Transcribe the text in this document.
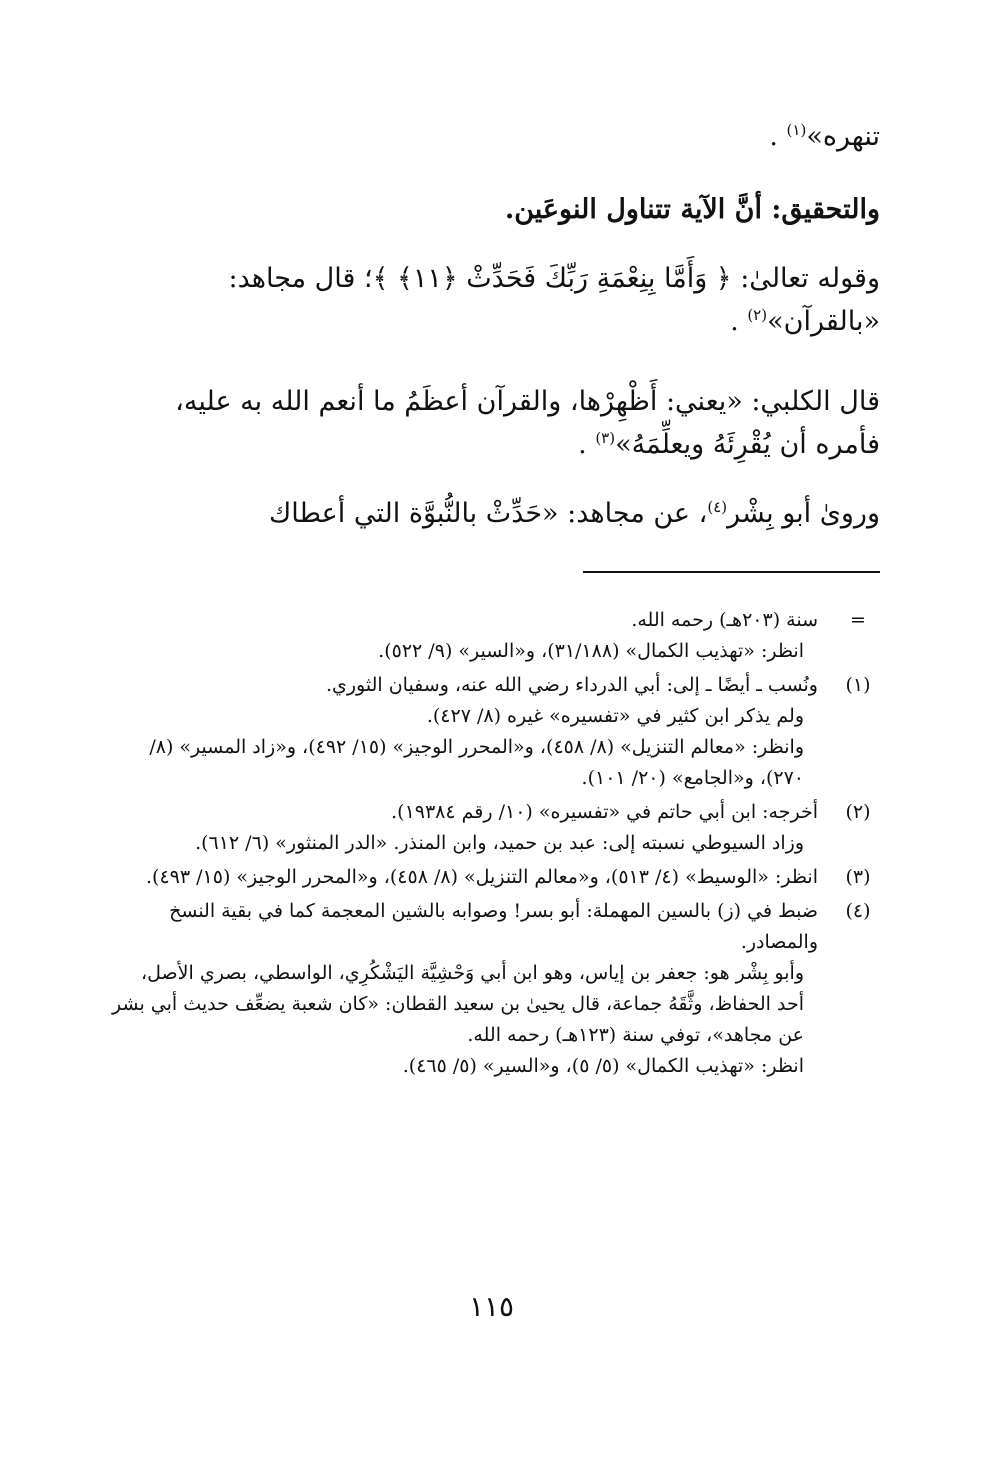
تنهره»$^{(١)}$ .

والتحقيق: أنَّ الآية تتناول النوعَين.

وقوله تعالىٰ: ﴿ وَأَمَّا بِنِعْمَةِ رَبِّكَ فَحَدِّثْ ﴿١١﴾ ﴾؛ قال مجاهد: «بالقرآن»$^{(٢)}$ .

قال الكلبي: «يعني: أَظْهِرْها، والقرآن أعظَمُ ما أنعم الله به عليه، فأمره أن يُقْرِئَهُ ويعلِّمَهُ»$^{(٣)}$ .

وروىٰ أبو بِشْر$^{(٤)}$، عن مجاهد: «حَدِّثْ بالنُّبوَّة التي أعطاك

=

سنة (٢٠٣هـ) رحمه الله.

انظر: «تهذيب الكمال» (٣١/١٨٨)، و«السير» (٩/ ٥٢٢).

(١)

ونُسب ـ أيضًا ـ إلى: أبي الدرداء رضي الله عنه، وسفيان الثوري.

ولم يذكر ابن كثير في «تفسيره» غيره (٨/ ٤٢٧).

وانظر: «معالم التنزيل» (٨/ ٤٥٨)، و«المحرر الوجيز» (١٥/ ٤٩٢)، و«زاد المسير» (٨/ ٢٧٠)، و«الجامع» (٢٠/ ١٠١).

(٢)

أخرجه: ابن أبي حاتم في «تفسيره» (١٠/ رقم ١٩٣٨٤).

وزاد السيوطي نسبته إلى: عبد بن حميد، وابن المنذر. «الدر المنثور» (٦/ ٦١٢).

(٣)

انظر: «الوسيط» (٤/ ٥١٣)، و«معالم التنزيل» (٨/ ٤٥٨)، و«المحرر الوجيز» (١٥/ ٤٩٣).

(٤)

ضبط في (ز) بالسين المهملة: أبو بسر! وصوابه بالشين المعجمة كما في بقية النسخ والمصادر.

وأبو بِشْر هو: جعفر بن إياس، وهو ابن أبي وَحْشِيَّة اليَشْكُرِي، الواسطي، بصري الأصل، أحد الحفاظ، وثَّقَهُ جماعة، قال يحيىٰ بن سعيد القطان: «كان شعبة يضعِّف حديث أبي بشر عن مجاهد»، توفي سنة (١٢٣هـ) رحمه الله.

انظر: «تهذيب الكمال» (٥/ ٥)، و«السير» (٥/ ٤٦٥).

١١٥
